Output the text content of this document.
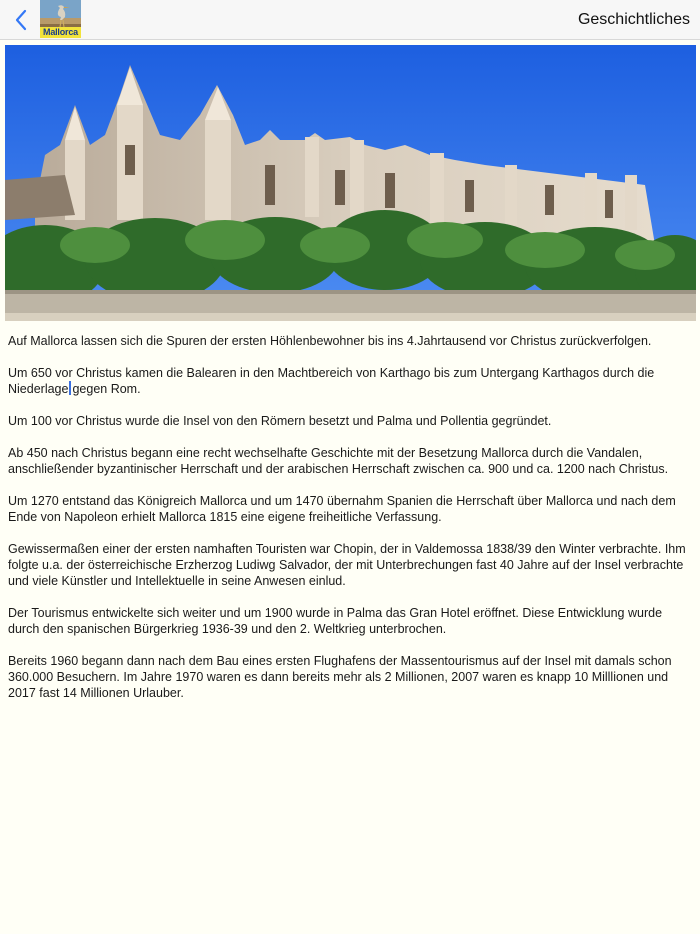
Mallorca
Geschichtliches

Auf Mallorca lassen sich die Spuren der ersten Höhlenbewohner bis ins 4.Jahrtausend vor Christus zurückverfolgen.

Um 650 vor Christus kamen die Balearen in den Machtbereich von Karthago bis zum Untergang Karthagos durch die Niederlage gegen Rom.

Um 100 vor Christus wurde die Insel von den Römern besetzt und Palma und Pollentia gegründet.

Ab 450 nach Christus begann eine recht wechselhafte Geschichte mit der Besetzung Mallorca durch die Vandalen, anschließender byzantinischer Herrschaft und der arabischen Herrschaft zwischen ca. 900 und ca. 1200 nach Christus.

Um 1270 entstand das Königreich Mallorca und um 1470 übernahm Spanien die Herrschaft über Mallorca und nach dem Ende von Napoleon erhielt Mallorca 1815 eine eigene freiheitliche Verfassung.

Gewissermaßen einer der ersten namhaften Touristen war Chopin, der in Valdemossa 1838/39 den Winter verbrachte. Ihm folgte u.a. der österreichische Erzherzog Ludiwg Salvador, der mit Unterbrechungen fast 40 Jahre auf der Insel verbrachte und viele Künstler und Intellektuelle in seine Anwesen einlud.

Der Tourismus entwickelte sich weiter und um 1900 wurde in Palma das Gran Hotel eröffnet. Diese Entwicklung wurde durch den spanischen Bürgerkrieg 1936-39 und den 2. Weltkrieg unterbrochen.

Bereits 1960 begann dann nach dem Bau eines ersten Flughafens der Massentourismus auf der Insel mit damals schon 360.000 Besuchern. Im Jahre 1970 waren es dann bereits mehr als 2 Millionen, 2007 waren es knapp 10 Milllionen und 2017 fast 14 Millionen Urlauber.
